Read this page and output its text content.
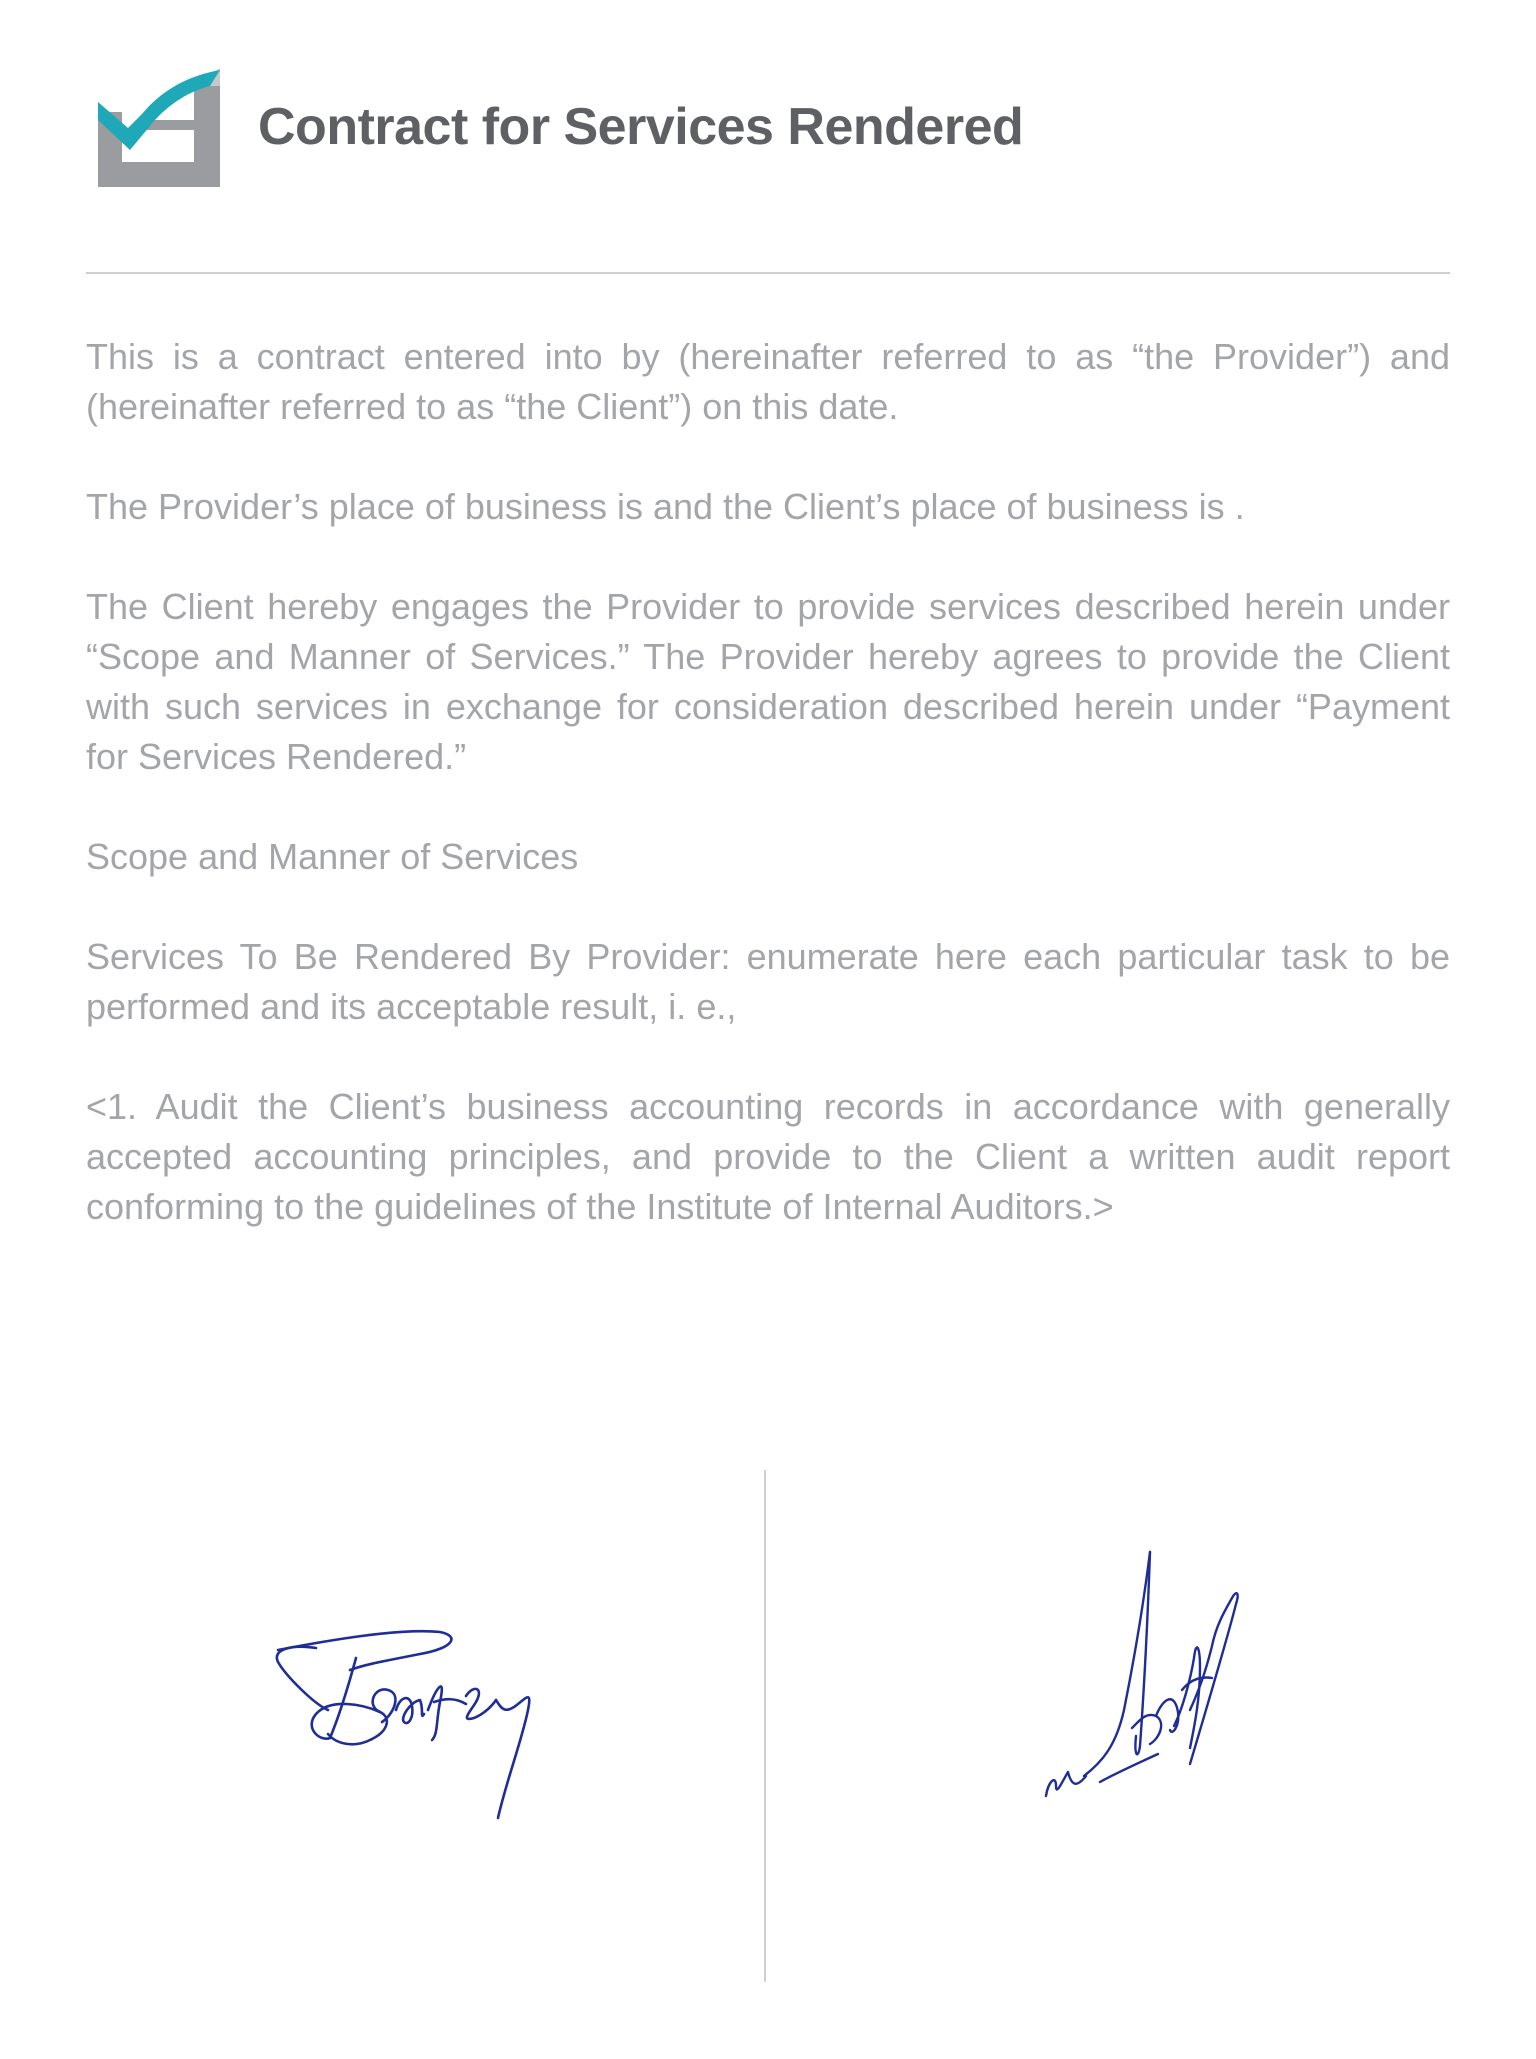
Contract for Services Rendered

This is a contract entered into by (hereinafter referred to as “the Provider”) and (hereinafter referred to as “the Client”) on this date.

The Provider’s place of business is and the Client’s place of business is .

The Client hereby engages the Provider to provide services described herein under “Scope and Manner of Services.” The Provider hereby agrees to provide the Client with such services in exchange for consideration described herein under “Payment for Services Rendered.”

Scope and Manner of Services

Services To Be Rendered By Provider: enumerate here each particular task to be performed and its acceptable result, i. e.,

<1. Audit the Client’s business accounting records in accordance with generally accepted accounting principles, and provide to the Client a written audit report conforming to the guidelines of the Institute of Internal Auditors.>
